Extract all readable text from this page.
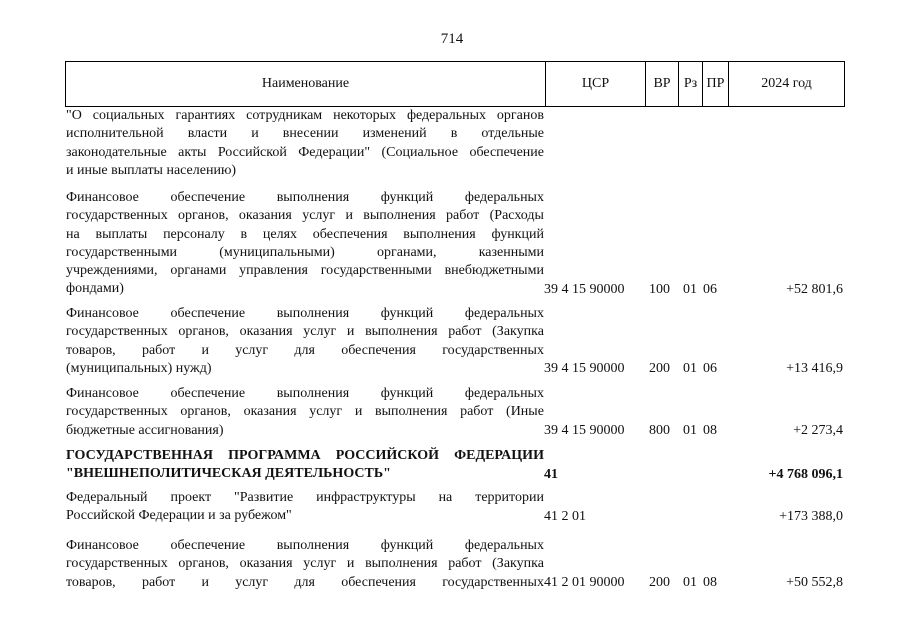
714
Наименование	ЦСР	ВР Рз ПР	2024 год
"О социальных гарантиях сотрудникам некоторых федеральных органов
исполнительной власти и внесении изменений в отдельные
законодательные акты Российской Федерации" (Социальное обеспечение
и иные выплаты населению)
Финансовое обеспечение выполнения функций федеральных
государственных органов, оказания услуг и выполнения работ (Расходы
на выплаты персоналу в целях обеспечения выполнения функций
государственными	(муниципальными)	органами,	казенными
учреждениями, органами управления государственными внебюджетными
фондами)	39 4 15 90000 100 01 06	+52 801,6
Финансовое обеспечение выполнения функций федеральных
государственных органов, оказания услуг и выполнения работ (Закупка
товаров, работ и услуг для обеспечения государственных
(муниципальных) нужд)	39 4 15 90000 200 01 06	+13 416,9
Финансовое обеспечение выполнения функций федеральных
государственных органов, оказания услуг и выполнения работ (Иные
бюджетные ассигнования)	39 4 15 90000 800 01 08	+2 273,4
ГОСУДАРСТВЕННАЯ ПРОГРАММА РОССИЙСКОЙ ФЕДЕРАЦИИ
"ВНЕШНЕПОЛИТИЧЕСКАЯ ДЕЯТЕЛЬНОСТЬ"	41	+4 768 096,1
Федеральный проект "Развитие инфраструктуры на территории
Российской Федерации и за рубежом"	41 2 01	+173 388,0
Финансовое обеспечение выполнения функций федеральных
государственных органов, оказания услуг и выполнения работ (Закупка
товаров, работ и услуг для обеспечения государственных 41 2 01 90000 200 01 08	+50 552,8
